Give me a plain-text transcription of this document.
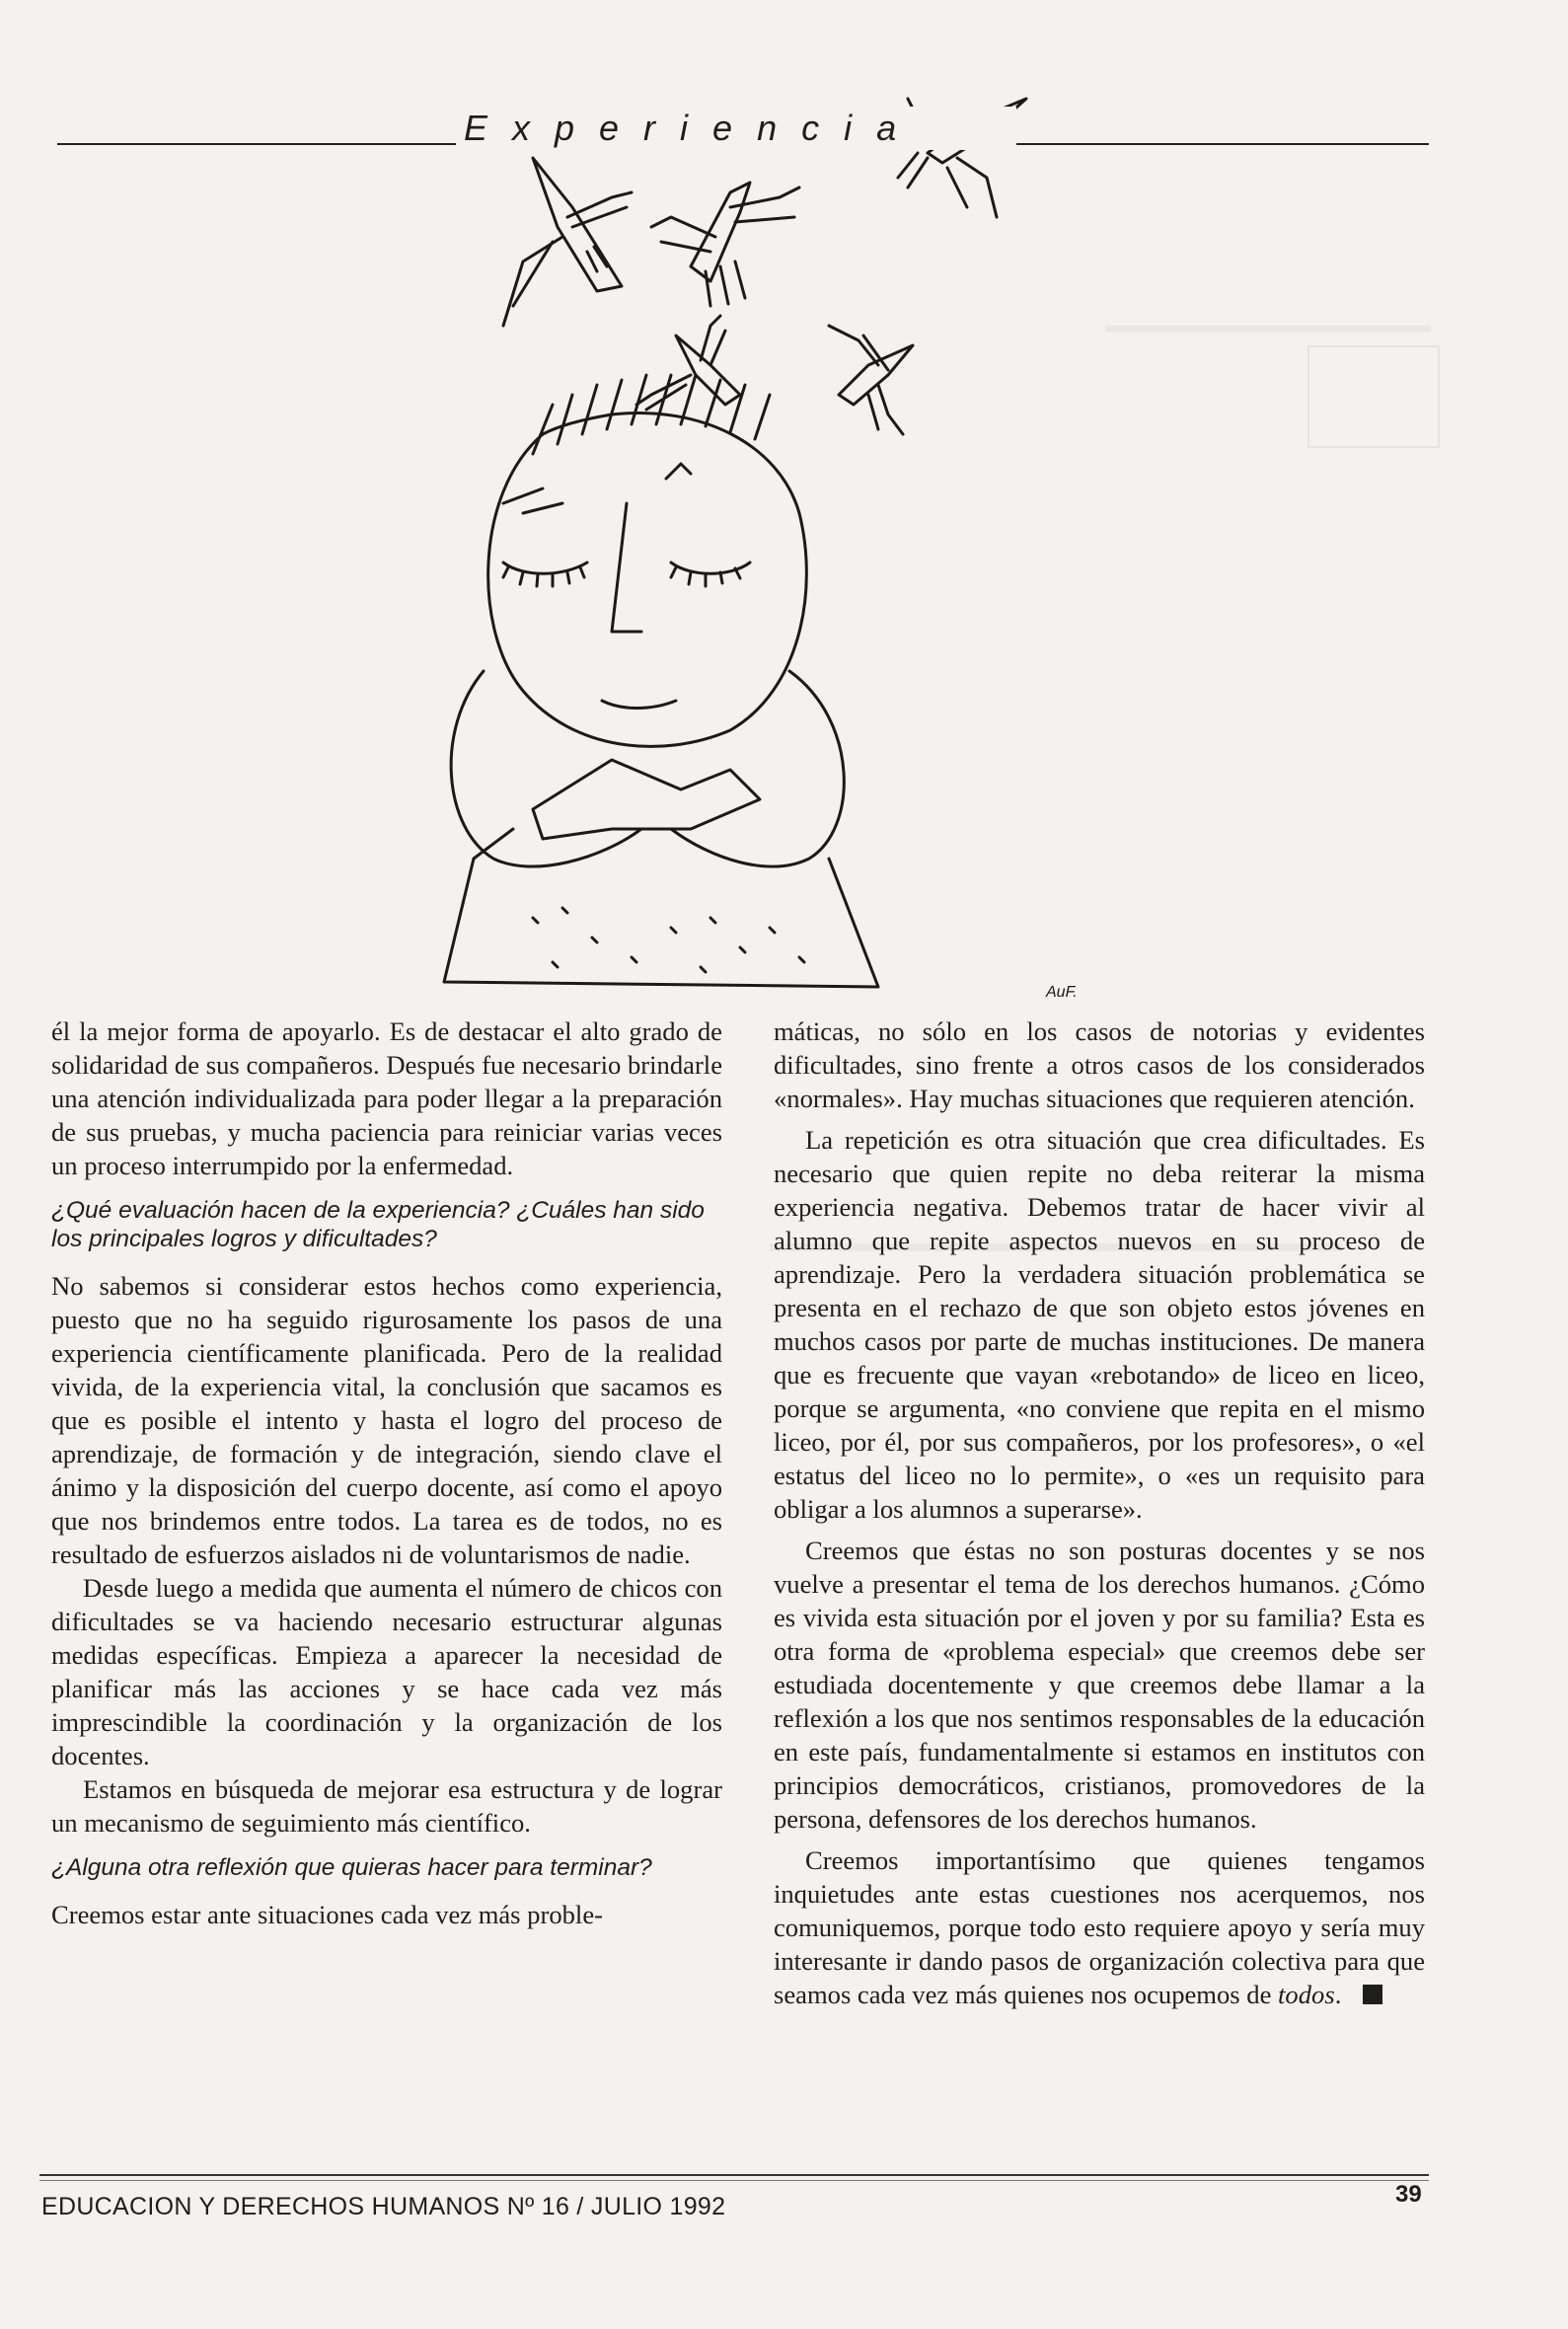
AuF.
Experiencia

él la mejor forma de apoyarlo. Es de destacar el alto grado de solidaridad de sus compañeros. Después fue necesario brindarle una atención individualizada para poder llegar a la preparación de sus pruebas, y mucha paciencia para reiniciar varias veces un proceso interrumpido por la enfermedad.

¿Qué evaluación hacen de la experiencia? ¿Cuáles han sido los principales logros y dificultades?

No sabemos si considerar estos hechos como experiencia, puesto que no ha seguido rigurosamente los pasos de una experiencia científicamente planificada. Pero de la realidad vivida, de la experiencia vital, la conclusión que sacamos es que es posible el intento y hasta el logro del proceso de aprendizaje, de formación y de integración, siendo clave el ánimo y la disposición del cuerpo docente, así como el apoyo que nos brindemos entre todos. La tarea es de todos, no es resultado de esfuerzos aislados ni de voluntarismos de nadie.

Desde luego a medida que aumenta el número de chicos con dificultades se va haciendo necesario estructurar algunas medidas específicas. Empieza a aparecer la necesidad de planificar más las acciones y se hace cada vez más imprescindible la coordinación y la organización de los docentes.

Estamos en búsqueda de mejorar esa estructura y de lograr un mecanismo de seguimiento más científico.

¿Alguna otra reflexión que quieras hacer para terminar?

Creemos estar ante situaciones cada vez más proble-

máticas, no sólo en los casos de notorias y evidentes dificultades, sino frente a otros casos de los considerados «normales». Hay muchas situaciones que requieren atención.

La repetición es otra situación que crea dificultades. Es necesario que quien repite no deba reiterar la misma experiencia negativa. Debemos tratar de hacer vivir al alumno que repite aspectos nuevos en su proceso de aprendizaje. Pero la verdadera situación problemática se presenta en el rechazo de que son objeto estos jóvenes en muchos casos por parte de muchas instituciones. De manera que es frecuente que vayan «rebotando» de liceo en liceo, porque se argumenta, «no conviene que repita en el mismo liceo, por él, por sus compañeros, por los profesores», o «el estatus del liceo no lo permite», o «es un requisito para obligar a los alumnos a superarse».

Creemos que éstas no son posturas docentes y se nos vuelve a presentar el tema de los derechos humanos. ¿Cómo es vivida esta situación por el joven y por su familia? Esta es otra forma de «problema especial» que creemos debe ser estudiada docentemente y que creemos debe llamar a la reflexión a los que nos sentimos responsables de la educación en este país, fundamentalmente si estamos en institutos con principios democráticos, cristianos, promovedores de la persona, defensores de los derechos humanos.

Creemos importantísimo que quienes tengamos inquietudes ante estas cuestiones nos acerquemos, nos comuniquemos, porque todo esto requiere apoyo y sería muy interesante ir dando pasos de organización colectiva para que seamos cada vez más quienes nos ocupemos de todos.

EDUCACION Y DERECHOS HUMANOS Nº 16 / JULIO 1992	39
